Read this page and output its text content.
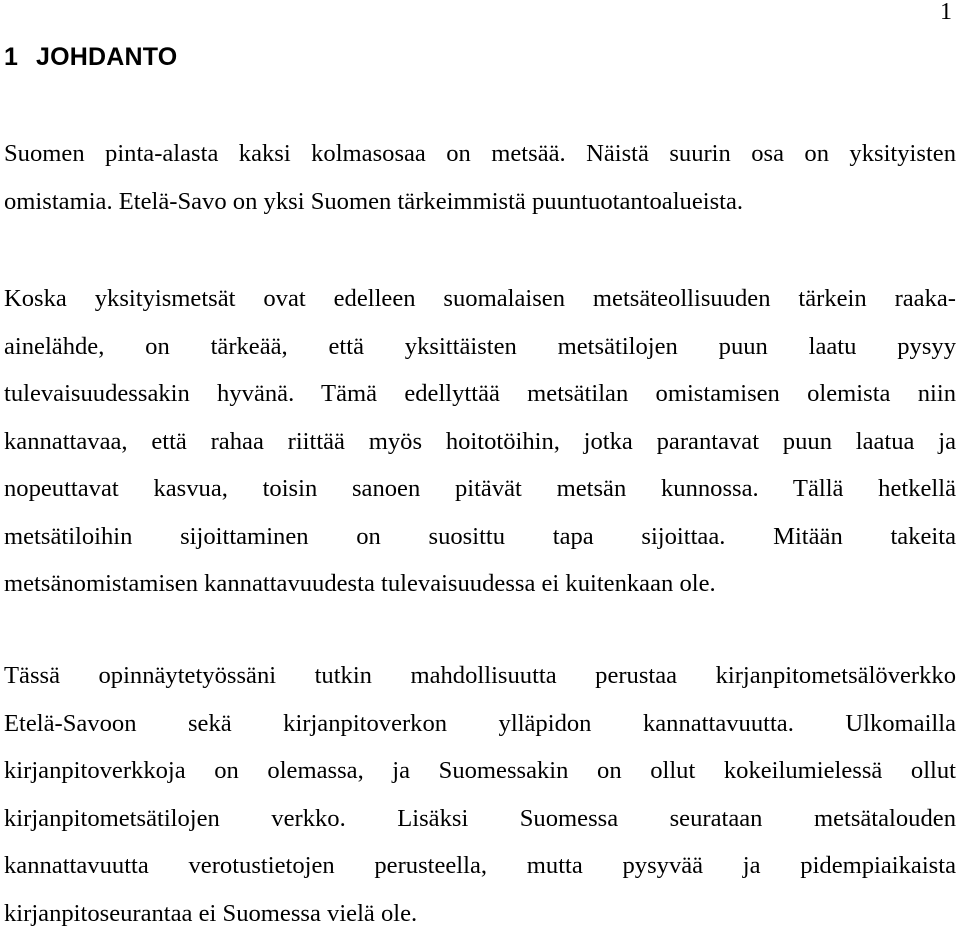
1
1 JOHDANTO
Suomen pinta-alasta kaksi kolmasosaa on metsää. Näistä suurin osa on yksityisten
omistamia. Etelä-Savo on yksi Suomen tärkeimmistä puuntuotantoalueista.
Koska yksityismetsät ovat edelleen suomalaisen metsäteollisuuden tärkein raaka-
ainelähde, on tärkeää, että yksittäisten metsätilojen puun laatu pysyy
tulevaisuudessakin hyvänä. Tämä edellyttää metsätilan omistamisen olemista niin
kannattavaa, että rahaa riittää myös hoitotöihin, jotka parantavat puun laatua ja
nopeuttavat kasvua, toisin sanoen pitävät metsän kunnossa. Tällä hetkellä
metsätiloihin sijoittaminen on suosittu tapa sijoittaa. Mitään takeita
metsänomistamisen kannattavuudesta tulevaisuudessa ei kuitenkaan ole.
Tässä opinnäytetyössäni tutkin mahdollisuutta perustaa kirjanpitometsälöverkko
Etelä-Savoon sekä kirjanpitoverkon ylläpidon kannattavuutta. Ulkomailla
kirjanpitoverkkoja on olemassa, ja Suomessakin on ollut kokeilumielessä ollut
kirjanpitometsätilojen verkko. Lisäksi Suomessa seurataan metsätalouden
kannattavuutta verotustietojen perusteella, mutta pysyvää ja pidempiaikaista
kirjanpitoseurantaa ei Suomessa vielä ole.
